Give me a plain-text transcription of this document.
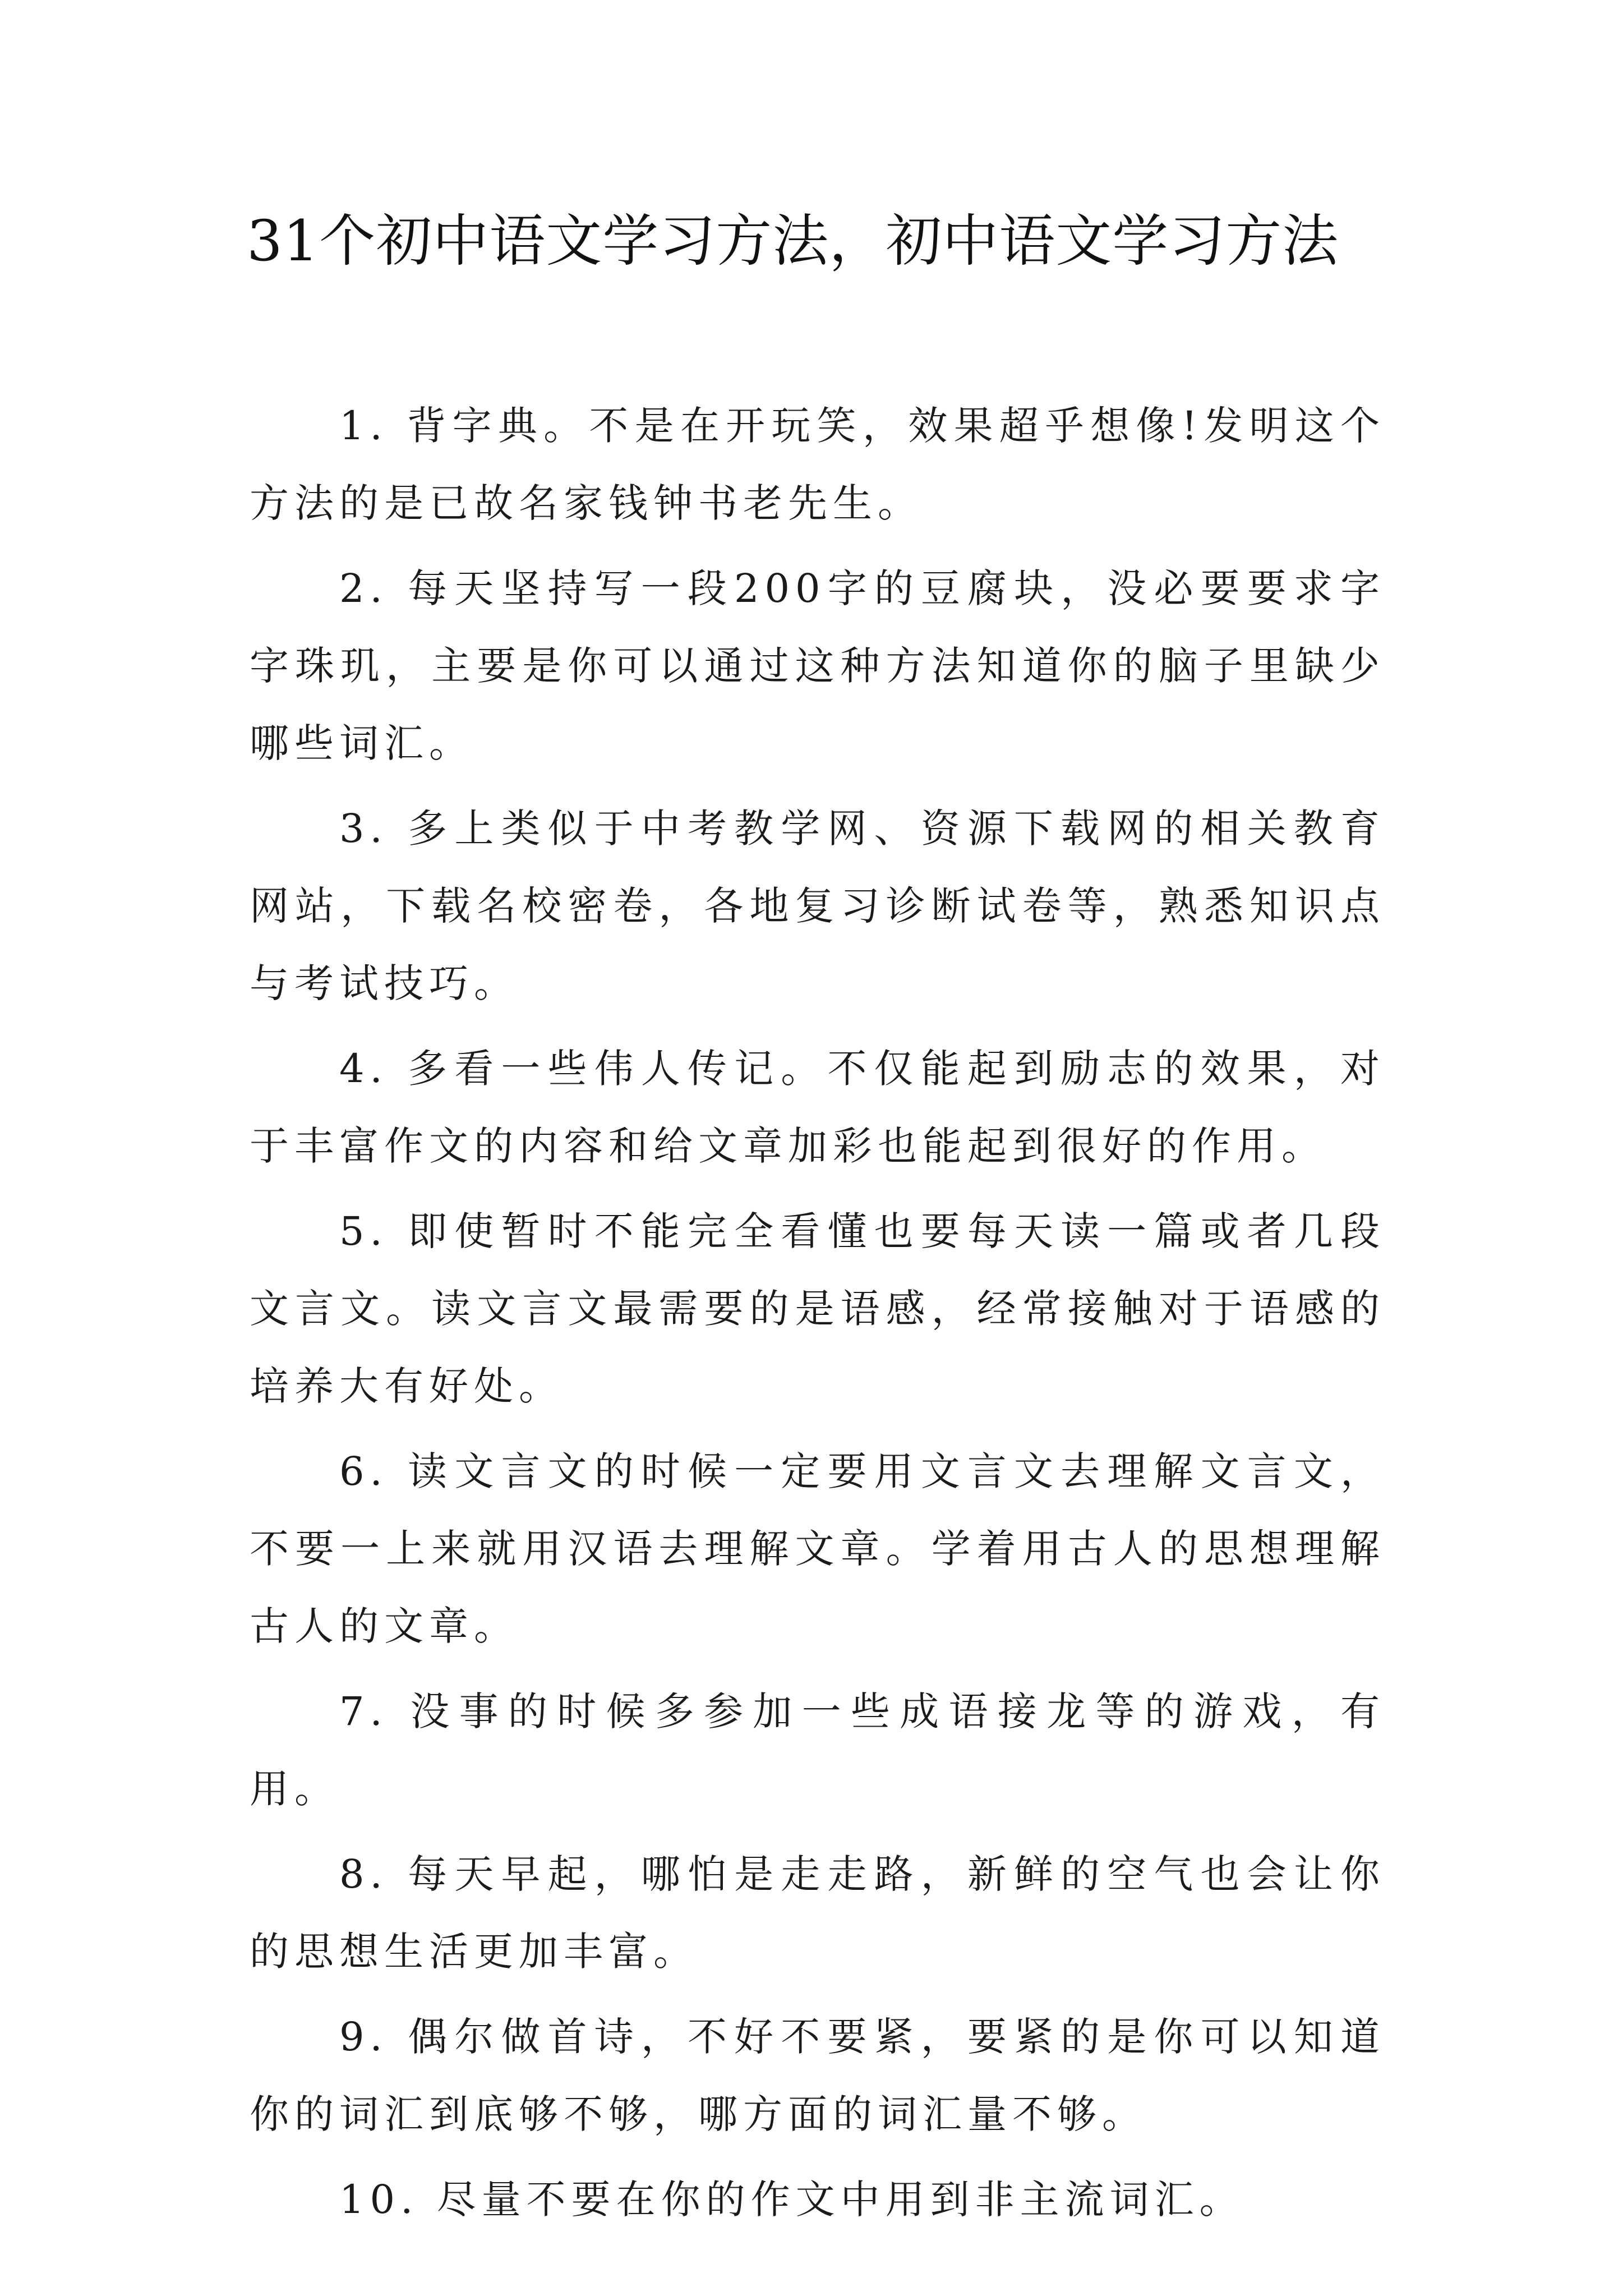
31个初中语文学习方法，初中语文学习方法

1. 背字典。不是在开玩笑，效果超乎想像!发明这个方法的是已故名家钱钟书老先生。

2. 每天坚持写一段200字的豆腐块，没必要要求字字珠玑，主要是你可以通过这种方法知道你的脑子里缺少哪些词汇。

3. 多上类似于中考教学网、资源下载网的相关教育网站，下载名校密卷，各地复习诊断试卷等，熟悉知识点与考试技巧。

4. 多看一些伟人传记。不仅能起到励志的效果，对于丰富作文的内容和给文章加彩也能起到很好的作用。

5. 即使暂时不能完全看懂也要每天读一篇或者几段文言文。读文言文最需要的是语感，经常接触对于语感的培养大有好处。

6. 读文言文的时候一定要用文言文去理解文言文，不要一上来就用汉语去理解文章。学着用古人的思想理解古人的文章。

7. 没事的时候多参加一些成语接龙等的游戏，有用。

8. 每天早起，哪怕是走走路，新鲜的空气也会让你的思想生活更加丰富。

9. 偶尔做首诗，不好不要紧，要紧的是你可以知道你的词汇到底够不够，哪方面的词汇量不够。

10. 尽量不要在你的作文中用到非主流词汇。
